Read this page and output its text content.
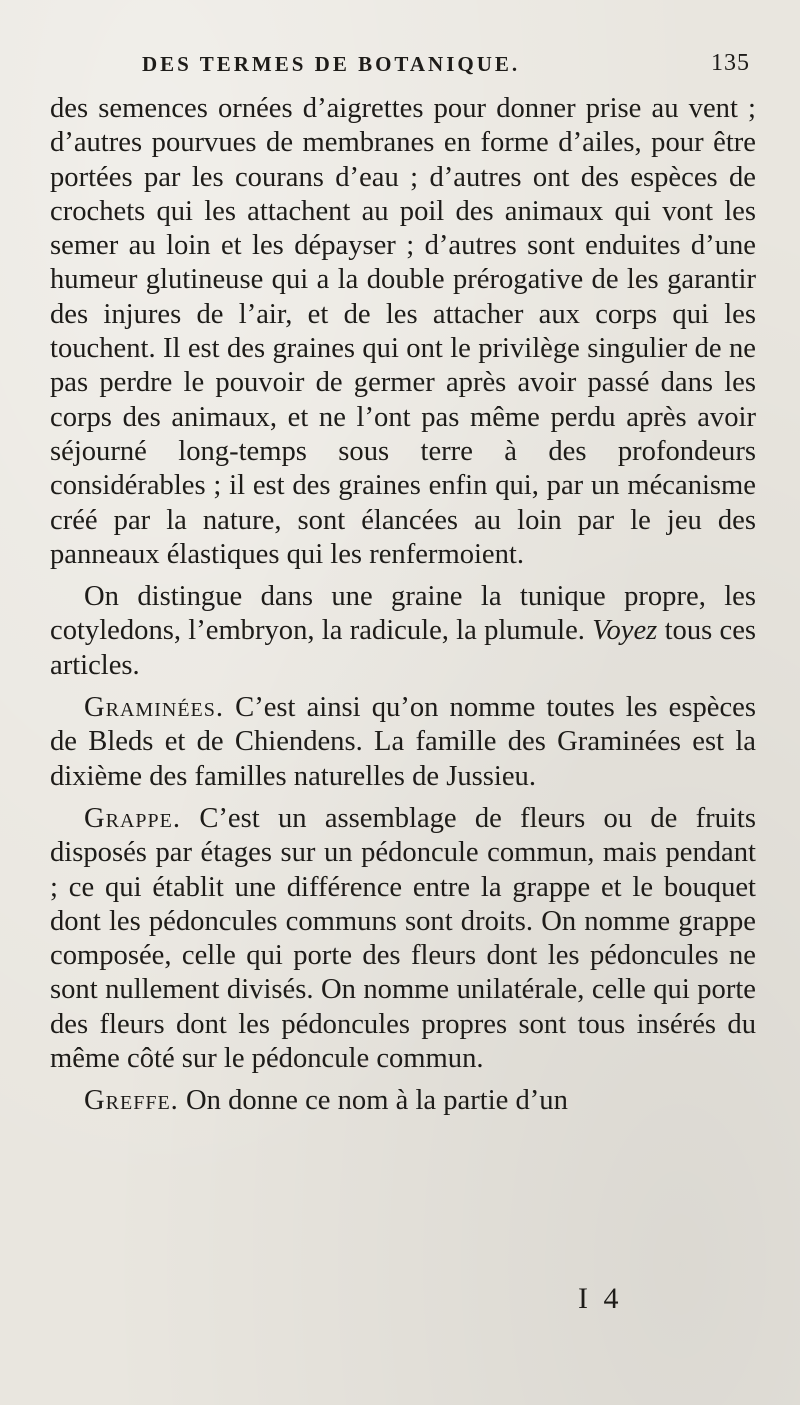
DES TERMES DE BOTANIQUE.	135

des semences ornées d’aigrettes pour donner prise au vent ; d’autres pourvues de membranes en forme d’ailes, pour être portées par les courans d’eau ; d’autres ont des espèces de crochets qui les attachent au poil des animaux qui vont les semer au loin et les dépayser ; d’autres sont enduites d’une humeur glutineuse qui a la double prérogative de les garantir des injures de l’air, et de les attacher aux corps qui les touchent. Il est des graines qui ont le privilège singulier de ne pas perdre le pouvoir de germer après avoir passé dans les corps des animaux, et ne l’ont pas même perdu après avoir séjourné long-temps sous terre à des profondeurs considérables ; il est des graines enfin qui, par un mécanisme créé par la nature, sont élancées au loin par le jeu des panneaux élastiques qui les renfermoient.

On distingue dans une graine la tunique propre, les cotyledons, l’embryon, la radicule, la plumule. Voyez tous ces articles.

Graminées. C’est ainsi qu’on nomme toutes les espèces de Bleds et de Chiendens. La famille des Graminées est la dixième des familles naturelles de Jussieu.

Grappe. C’est un assemblage de fleurs ou de fruits disposés par étages sur un pédoncule commun, mais pendant ; ce qui établit une différence entre la grappe et le bouquet dont les pédoncules communs sont droits. On nomme grappe composée, celle qui porte des fleurs dont les pédoncules ne sont nullement divisés. On nomme unilatérale, celle qui porte des fleurs dont les pédoncules propres sont tous insérés du même côté sur le pédoncule commun.

Greffe. On donne ce nom à la partie d’un

I 4
